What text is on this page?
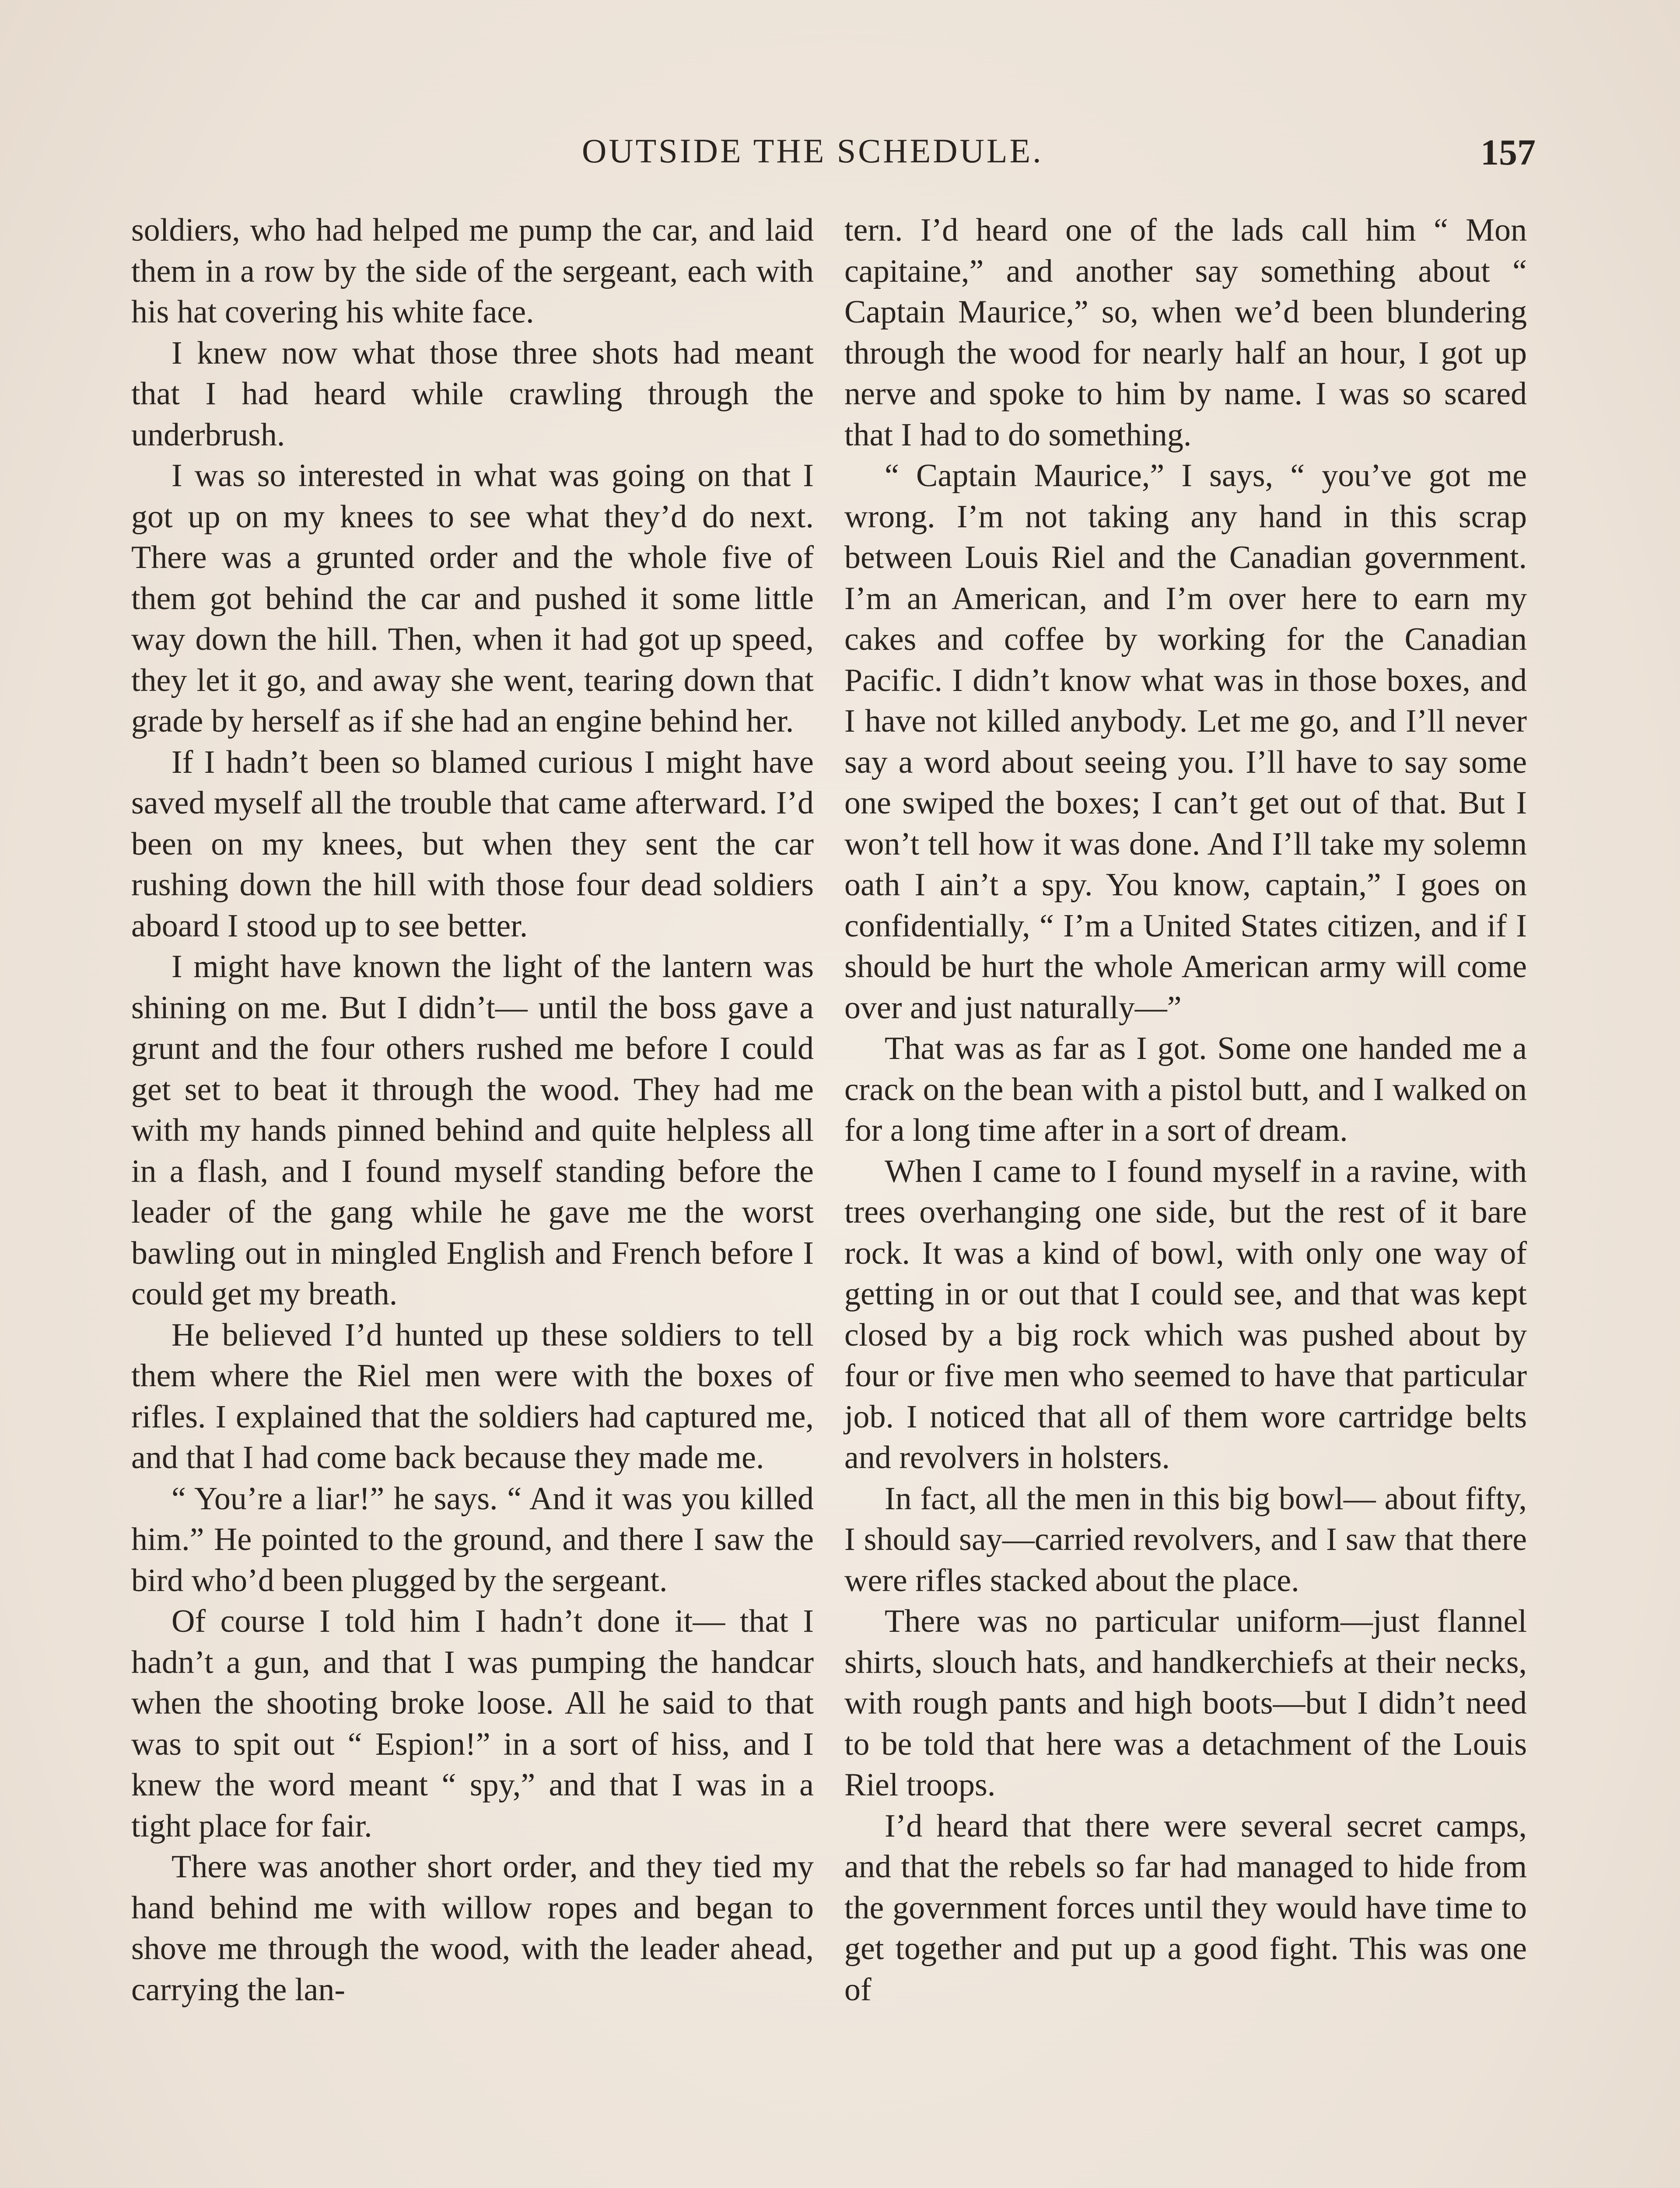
OUTSIDE THE SCHEDULE.	157

soldiers, who had helped me pump the car, and laid them in a row by the side of the sergeant, each with his hat covering his white face.

I knew now what those three shots had meant that I had heard while crawling through the underbrush.

I was so interested in what was going on that I got up on my knees to see what they’d do next. There was a grunted order and the whole five of them got behind the car and pushed it some little way down the hill. Then, when it had got up speed, they let it go, and away she went, tearing down that grade by herself as if she had an engine behind her.

If I hadn’t been so blamed curious I might have saved myself all the trouble that came afterward. I’d been on my knees, but when they sent the car rushing down the hill with those four dead soldiers aboard I stood up to see better.

I might have known the light of the lantern was shining on me. But I didn’t— until the boss gave a grunt and the four others rushed me before I could get set to beat it through the wood. They had me with my hands pinned behind and quite helpless all in a flash, and I found myself standing before the leader of the gang while he gave me the worst bawling out in mingled English and French before I could get my breath.

He believed I’d hunted up these soldiers to tell them where the Riel men were with the boxes of rifles. I explained that the soldiers had captured me, and that I had come back because they made me.

“ You’re a liar!” he says. “ And it was you killed him.” He pointed to the ground, and there I saw the bird who’d been plugged by the sergeant.

Of course I told him I hadn’t done it— that I hadn’t a gun, and that I was pumping the handcar when the shooting broke loose. All he said to that was to spit out “ Espion!” in a sort of hiss, and I knew the word meant “ spy,” and that I was in a tight place for fair.

There was another short order, and they tied my hand behind me with willow ropes and began to shove me through the wood, with the leader ahead, carrying the lan-

tern. I’d heard one of the lads call him “ Mon capitaine,” and another say something about “ Captain Maurice,” so, when we’d been blundering through the wood for nearly half an hour, I got up nerve and spoke to him by name. I was so scared that I had to do something.

“ Captain Maurice,” I says, “ you’ve got me wrong. I’m not taking any hand in this scrap between Louis Riel and the Canadian government. I’m an American, and I’m over here to earn my cakes and coffee by working for the Canadian Pacific. I didn’t know what was in those boxes, and I have not killed anybody. Let me go, and I’ll never say a word about seeing you. I’ll have to say some one swiped the boxes; I can’t get out of that. But I won’t tell how it was done. And I’ll take my solemn oath I ain’t a spy. You know, captain,” I goes on confidentially, “ I’m a United States citizen, and if I should be hurt the whole American army will come over and just naturally—”

That was as far as I got. Some one handed me a crack on the bean with a pistol butt, and I walked on for a long time after in a sort of dream.

When I came to I found myself in a ravine, with trees overhanging one side, but the rest of it bare rock. It was a kind of bowl, with only one way of getting in or out that I could see, and that was kept closed by a big rock which was pushed about by four or five men who seemed to have that particular job. I noticed that all of them wore cartridge belts and revolvers in holsters.

In fact, all the men in this big bowl— about fifty, I should say—carried revolvers, and I saw that there were rifles stacked about the place.

There was no particular uniform—just flannel shirts, slouch hats, and handkerchiefs at their necks, with rough pants and high boots—but I didn’t need to be told that here was a detachment of the Louis Riel troops.

I’d heard that there were several secret camps, and that the rebels so far had managed to hide from the government forces until they would have time to get together and put up a good fight. This was one of
